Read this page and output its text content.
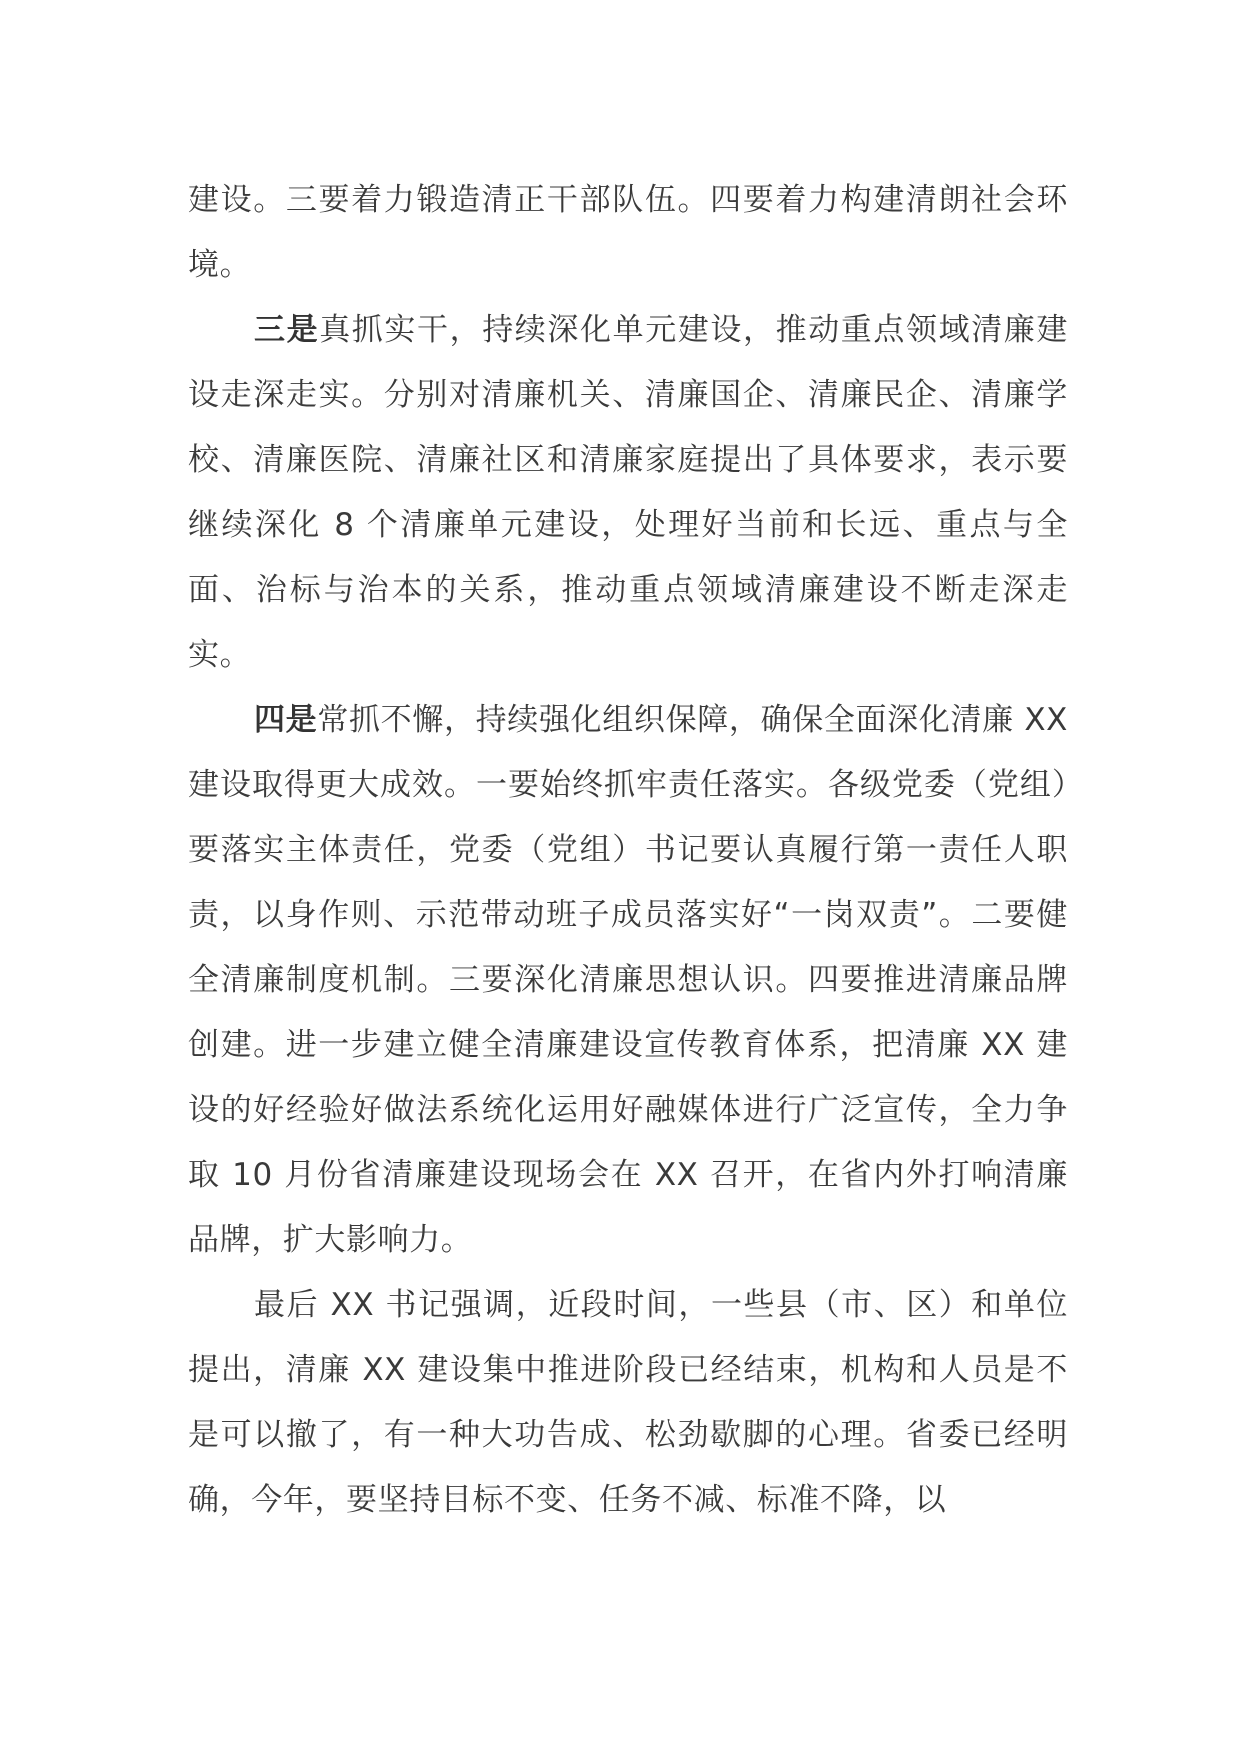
建设。三要着力锻造清正干部队伍。四要着力构建清朗社会环境。

三是真抓实干，持续深化单元建设，推动重点领域清廉建设走深走实。分别对清廉机关、清廉国企、清廉民企、清廉学校、清廉医院、清廉社区和清廉家庭提出了具体要求，表示要继续深化 8 个清廉单元建设，处理好当前和长远、重点与全面、治标与治本的关系，推动重点领域清廉建设不断走深走实。

四是常抓不懈，持续强化组织保障，确保全面深化清廉 XX 建设取得更大成效。一要始终抓牢责任落实。各级党委（党组）要落实主体责任，党委（党组）书记要认真履行第一责任人职责，以身作则、示范带动班子成员落实好“一岗双责”。二要健全清廉制度机制。三要深化清廉思想认识。四要推进清廉品牌创建。进一步建立健全清廉建设宣传教育体系，把清廉 XX 建设的好经验好做法系统化运用好融媒体进行广泛宣传，全力争取 10 月份省清廉建设现场会在 XX 召开，在省内外打响清廉品牌，扩大影响力。

最后 XX 书记强调，近段时间，一些县（市、区）和单位提出，清廉 XX 建设集中推进阶段已经结束，机构和人员是不是可以撤了，有一种大功告成、松劲歇脚的心理。省委已经明确，今年，要坚持目标不变、任务不减、标准不降，以
